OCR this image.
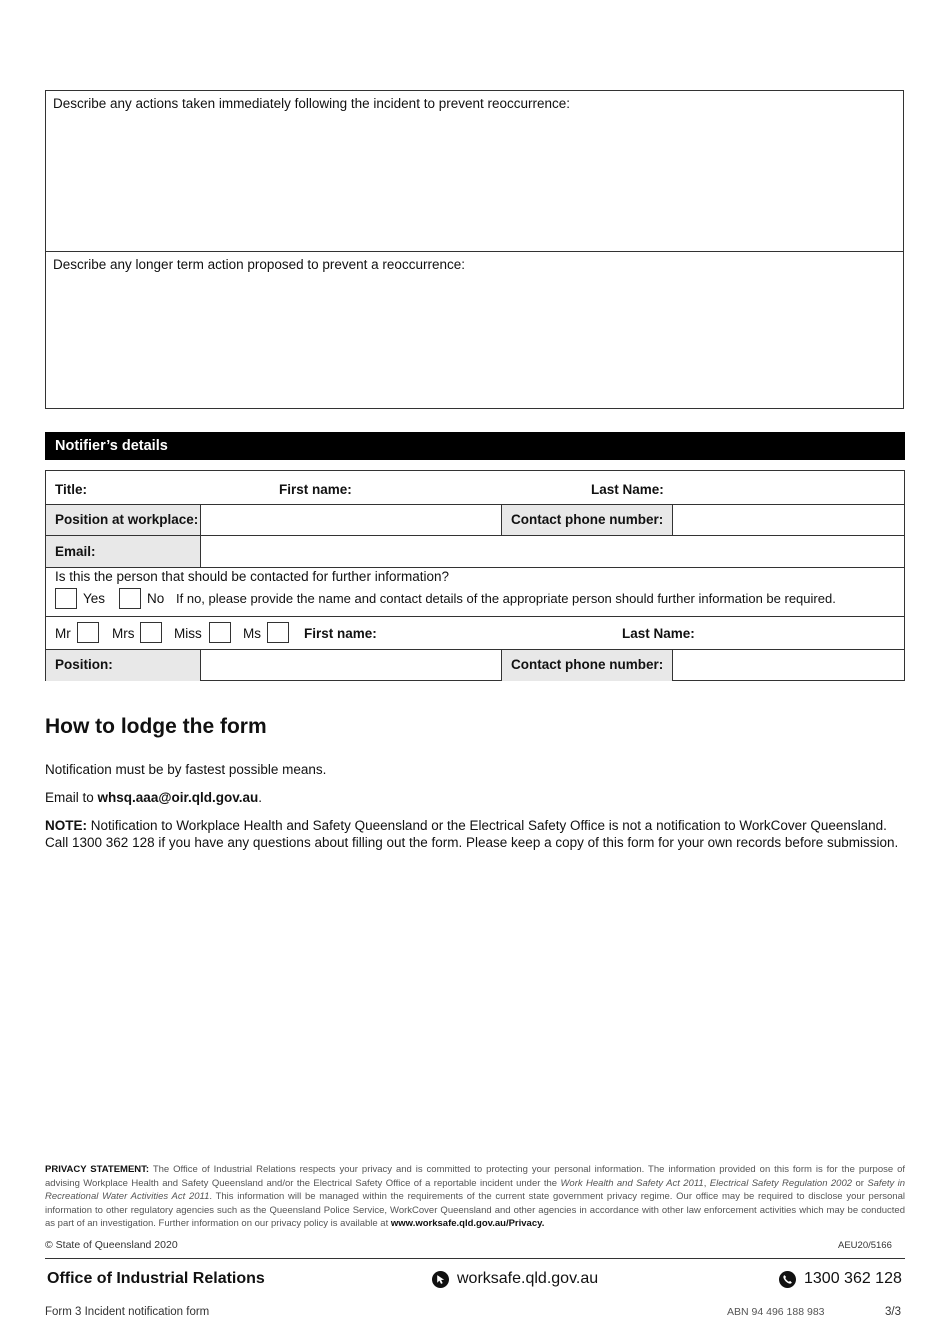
Describe any actions taken immediately following the incident to prevent reoccurrence:
Describe any longer term action proposed to prevent a reoccurrence:
Notifier’s details
Title:	First name:	Last Name:
Position at workplace:	Contact phone number:
Email:
Is this the person that should be contacted for further information?
Yes	No If no, please provide the name and contact details of the appropriate person should further information be required.
Mr	Mrs	Miss	Ms	First name:	Last Name:
Position:	Contact phone number:
How to lodge the form
Notification must be by fastest possible means.
Email to whsq.aaa@oir.qld.gov.au.
NOTE: Notification to Workplace Health and Safety Queensland or the Electrical Safety Office is not a notification to WorkCover Queensland.
Call 1300 362 128 if you have any questions about filling out the form. Please keep a copy of this form for your own records before submission.
PRIVACY STATEMENT: The Office of Industrial Relations respects your privacy and is committed to protecting your personal information. The information provided on this form is for the purpose of advising Workplace Health and Safety Queensland and/or the Electrical Safety Office of a reportable incident under the Work Health and Safety Act 2011, Electrical Safety Regulation 2002 or Safety in Recreational Water Activities Act 2011. This information will be managed within the requirements of the current state government privacy regime. Our office may be required to disclose your personal information to other regulatory agencies such as the Queensland Police Service, WorkCover Queensland and other agencies in accordance with other law enforcement activities which may be conducted as part of an investigation. Further information on our privacy policy is available at www.worksafe.qld.gov.au/Privacy.
© State of Queensland 2020	AEU20/5166
Office of Industrial Relations	worksafe.qld.gov.au	1300 362 128
Form 3 Incident notification form	ABN 94 496 188 983	3/3
